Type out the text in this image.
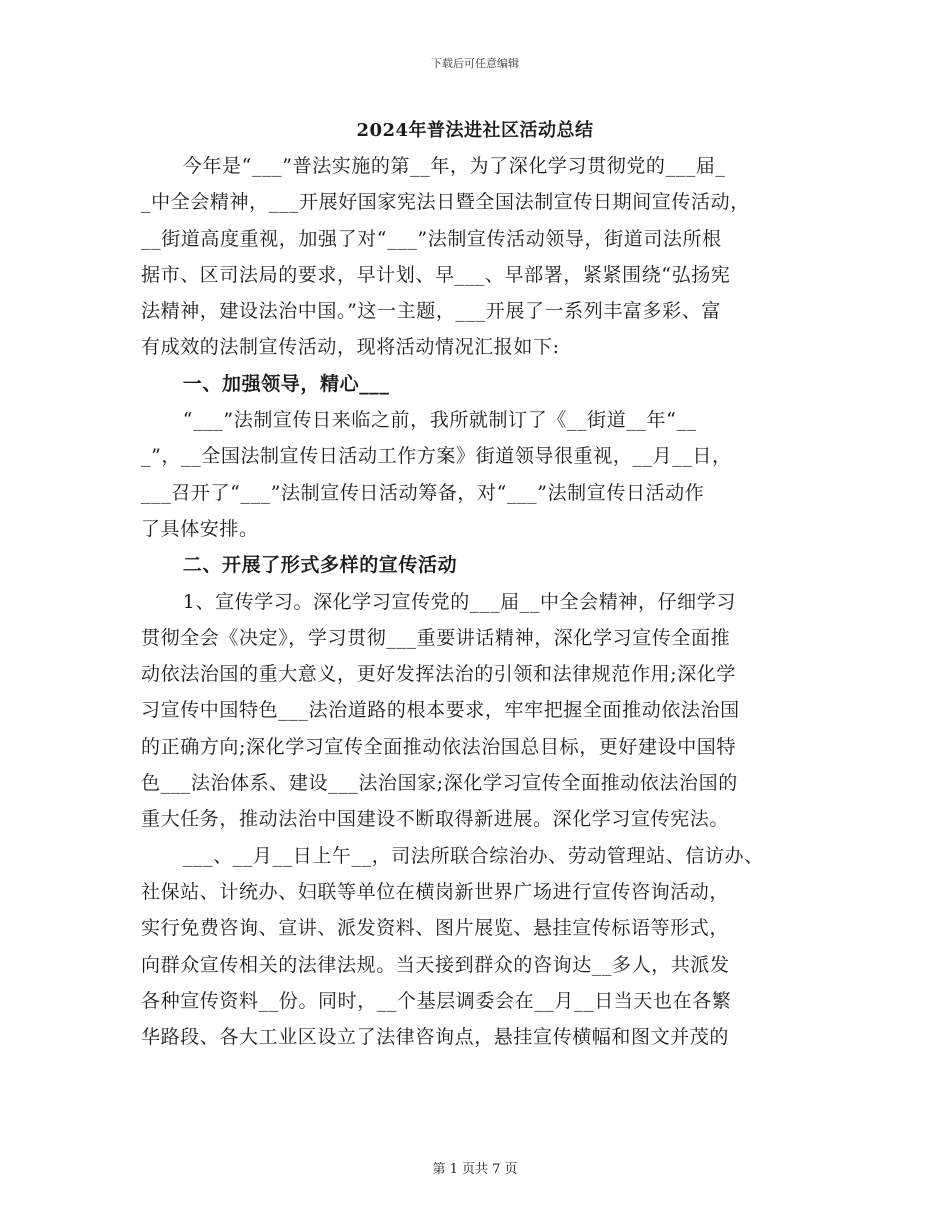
下载后可任意编辑
2024年普法进社区活动总结
今年是“___”普法实施的第__年，为了深化学习贯彻党的___届_
_中全会精神，___开展好国家宪法日暨全国法制宣传日期间宣传活动，
__街道高度重视，加强了对“___”法制宣传活动领导，街道司法所根
据市、区司法局的要求，早计划、早___、早部署，紧紧围绕“弘扬宪
法精神，建设法治中国。”这一主题，___开展了一系列丰富多彩、富
有成效的法制宣传活动，现将活动情况汇报如下:
一、加强领导，精心___
“___”法制宣传日来临之前，我所就制订了《__街道__年“__
_”，__全国法制宣传日活动工作方案》街道领导很重视，__月__日，
___召开了“___”法制宣传日活动筹备，对“___”法制宣传日活动作
了具体安排。
二、开展了形式多样的宣传活动
1、宣传学习。深化学习宣传党的___届__中全会精神，仔细学习
贯彻全会《决定》，学习贯彻___重要讲话精神，深化学习宣传全面推
动依法治国的重大意义，更好发挥法治的引领和法律规范作用;深化学
习宣传中国特色___法治道路的根本要求，牢牢把握全面推动依法治国
的正确方向;深化学习宣传全面推动依法治国总目标，更好建设中国特
色___法治体系、建设___法治国家;深化学习宣传全面推动依法治国的
重大任务，推动法治中国建设不断取得新进展。深化学习宣传宪法。
___、__月__日上午__，司法所联合综治办、劳动管理站、信访办、
社保站、计统办、妇联等单位在横岗新世界广场进行宣传咨询活动，
实行免费咨询、宣讲、派发资料、图片展览、悬挂宣传标语等形式，
向群众宣传相关的法律法规。当天接到群众的咨询达__多人，共派发
各种宣传资料__份。同时，__个基层调委会在__月__日当天也在各繁
华路段、各大工业区设立了法律咨询点，悬挂宣传横幅和图文并茂的
第 1 页共 7 页
